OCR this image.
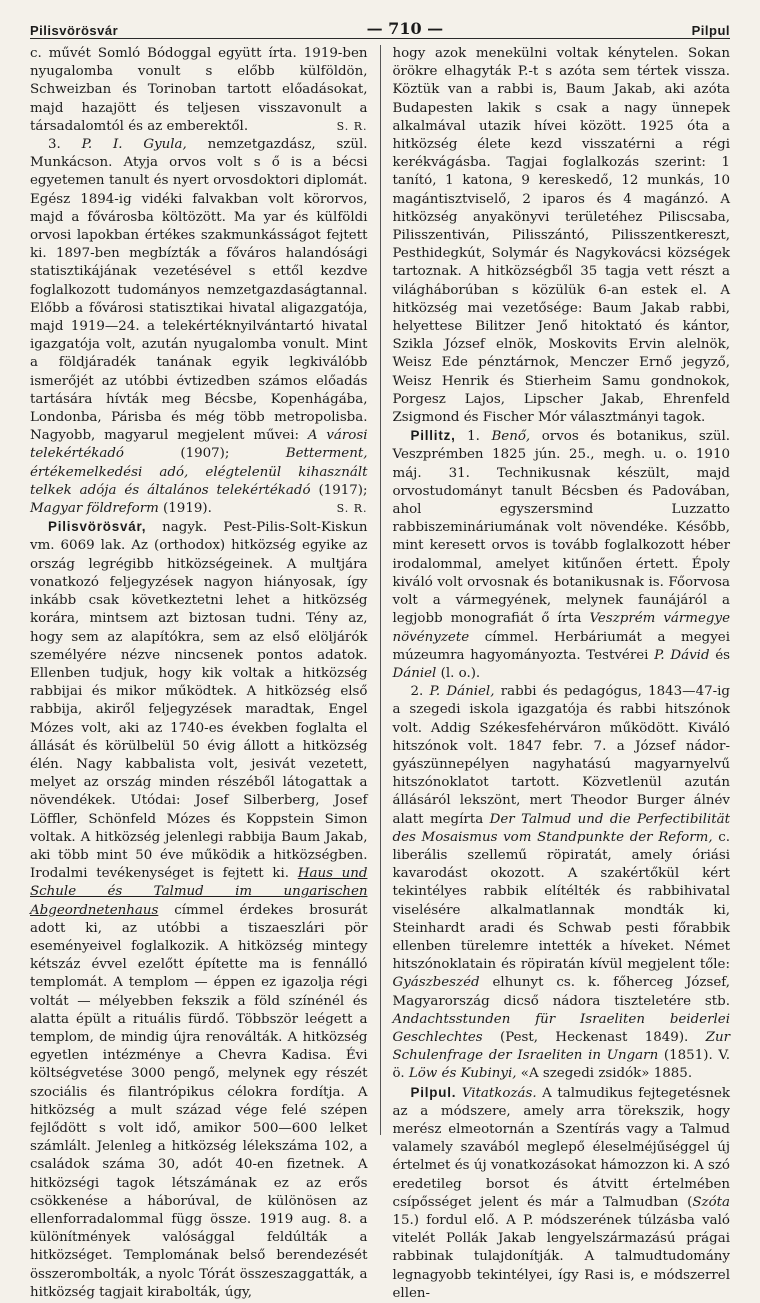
Pilisvörösvár	— 710 —	Pilpul

c. művét Somló Bódoggal együtt írta. 1919-ben nyugalomba vonult s előbb külföldön, Schweizban és Torinoban tartott előadásokat, majd hazajött és teljesen visszavonult a társadalomtól és az emberektől.	S. R.

3. P. I. Gyula, nemzetgazdász, szül. Munkácson. Atyja orvos volt s ő is a bécsi egyetemen tanult és nyert orvosdoktori diplomát. Egész 1894-ig vidéki falvakban volt körorvos, majd a fővárosba költözött. Ma yar és külföldi orvosi lapokban értékes szakmunkásságot fejtett ki. 1897-ben megbízták a főváros halandósági statisztikájának vezetésével s ettől kezdve foglalkozott tudományos nemzetgazdaságtannal. Előbb a fővárosi statisztikai hivatal aligazgatója, majd 1919—24. a telekértéknyilvántartó hivatal igazgatója volt, azután nyugalomba vonult. Mint a földjáradék tanának egyik legkiválóbb ismerőjét az utóbbi évtizedben számos előadás tartására hívták meg Bécsbe, Kopenhágába, Londonba, Párisba és még több metropolisba. Nagyobb, magyarul megjelent művei: A városi telekértékadó (1907); Betterment, értékemelkedési adó, elégtelenül kihasznált telkek adója és általános telekértékadó (1917); Magyar földreform (1919).	S. R.

Pilisvörösvár, nagyk. Pest-Pilis-Solt-Kiskun vm. 6069 lak. Az (orthodox) hitközség egyike az ország legrégibb hitközségeinek. A multjára vonatkozó feljegyzések nagyon hiányosak, így inkább csak következtetni lehet a hitközség korára, mintsem azt biztosan tudni. Tény az, hogy sem az alapítókra, sem az első elöljárók személyére nézve nincsenek pontos adatok. Ellenben tudjuk, hogy kik voltak a hitközség rabbijai és mikor működtek. A hitközség első rabbija, akiről feljegyzések maradtak, Engel Mózes volt, aki az 1740-es években foglalta el állását és körülbelül 50 évig állott a hitközség élén. Nagy kabbalista volt, jesivát vezetett, melyet az ország minden részéből látogattak a növendékek. Utódai: Josef Silberberg, Josef Löffler, Schönfeld Mózes és Koppstein Simon voltak. A hitközség jelenlegi rabbija Baum Jakab, aki több mint 50 éve működik a hitközségben. Irodalmi tevékenységet is fejtett ki. Haus und Schule és Talmud im ungarischen Abgeordnetenhaus címmel érdekes brosurát adott ki, az utóbbi a tiszaeszlári pör eseményeivel foglalkozik. A hitközség mintegy kétszáz évvel ezelőtt építette ma is fennálló templomát. A templom — éppen ez igazolja régi voltát — mélyebben fekszik a föld színénél és alatta épült a rituális fürdő. Többször leégett a templom, de mindig újra renoválták. A hitközség egyetlen intézménye a Chevra Kadisa. Évi költségvetése 3000 pengő, melynek egy részét szociális és filantrópikus célokra fordítja. A hitközség a mult század vége felé szépen fejlődött s volt idő, amikor 500—600 lelket számlált. Jelenleg a hitközség lélekszáma 102, a családok száma 30, adót 40-en fizetnek. A hitközségi tagok létszámának ez az erős csökkenése a háborúval, de különösen az ellenforradalommal függ össze. 1919 aug. 8. a különítmények valósággal feldúlták a hitközséget. Templomának belső berendezését összerombolták, a nyolc Tórát összeszaggatták, a hitközség tagjait kirabolták, úgy,

hogy azok menekülni voltak kénytelen. Sokan örökre elhagyták P.-t s azóta sem tértek vissza. Köztük van a rabbi is, Baum Jakab, aki azóta Budapesten lakik s csak a nagy ünnepek alkalmával utazik hívei között. 1925 óta a hitközség élete kezd visszatérni a régi kerékvágásba. Tagjai foglalkozás szerint: 1 tanító, 1 katona, 9 kereskedő, 12 munkás, 10 magántisztviselő, 2 iparos és 4 magánzó. A hitközség anyakönyvi területéhez Piliscsaba, Pilisszentiván, Pilisszántó, Pilisszentkereszt, Pesthidegkút, Solymár és Nagykovácsi községek tartoznak. A hitközségből 35 tagja vett részt a világháborúban s közülük 6-an estek el. A hitközség mai vezetősége: Baum Jakab rabbi, helyettese Bilitzer Jenő hitoktató és kántor, Szikla József elnök, Moskovits Ervin alelnök, Weisz Ede pénztárnok, Menczer Ernő jegyző, Weisz Henrik és Stierheim Samu gondnokok, Porgesz Lajos, Lipscher Jakab, Ehrenfeld Zsigmond és Fischer Mór választmányi tagok.

Pillitz, 1. Benő, orvos és botanikus, szül. Veszprémben 1825 jún. 25., megh. u. o. 1910 máj. 31. Technikusnak készült, majd orvostudományt tanult Bécsben és Padovában, ahol egyszersmind Luzzatto rabbiszemináriumának volt növendéke. Később, mint keresett orvos is tovább foglalkozott héber irodalommal, amelyet kitűnően értett. Époly kiváló volt orvosnak és botanikusnak is. Főorvosa volt a vármegyének, melynek faunájáról a legjobb monografiát ő írta Veszprém vármegye növényzete címmel. Herbáriumát a megyei múzeumra hagyományozta. Testvérei P. Dávid és Dániel (l. o.).

2. P. Dániel, rabbi és pedagógus, 1843—47-ig a szegedi iskola igazgatója és rabbi hitszónok volt. Addig Székesfehérváron működött. Kiváló hitszónok volt. 1847 febr. 7. a József nádor-gyászünnepélyen nagyhatású magyarnyelvű hitszónoklatot tartott. Közvetlenül azután állásáról lekszönt, mert Theodor Burger álnév alatt megírta Der Talmud und die Perfectibilität des Mosaismus vom Standpunkte der Reform, c. liberális szellemű röpiratát, amely óriási kavarodást okozott. A szakértőkül kért tekintélyes rabbik elítélték és rabbihivatal viselésére alkalmatlannak mondták ki, Steinhardt aradi és Schwab pesti főrabbik ellenben türelemre intették a híveket. Német hitszónoklatain és röpiratán kívül megjelent tőle: Gyászbeszéd elhunyt cs. k. főherceg József, Magyarország dicső nádora tiszteletére stb. Andachtsstunden für Israeliten beiderlei Geschlechtes (Pest, Heckenast 1849). Zur Schulenfrage der Israeliten in Ungarn (1851). V. ö. Löw és Kubinyi, «A szegedi zsidók» 1885.

Pilpul. Vitatkozás. A talmudikus fejtegetésnek az a módszere, amely arra törekszik, hogy merész elmeotornán a Szentírás vagy a Talmud valamely szavából meglepő éleselméjűséggel új értelmet és új vonatkozásokat hámozzon ki. A szó eredetileg borsot és átvitt értelmében csípősséget jelent és már a Talmudban (Szóta 15.) fordul elő. A P. módszerének túlzásba való vitelét Pollák Jakab lengyelszármazású prágai rabbinak tulajdonítják. A talmudtudomány legnagyobb tekintélyei, így Rasi is, e módszerrel ellen-
